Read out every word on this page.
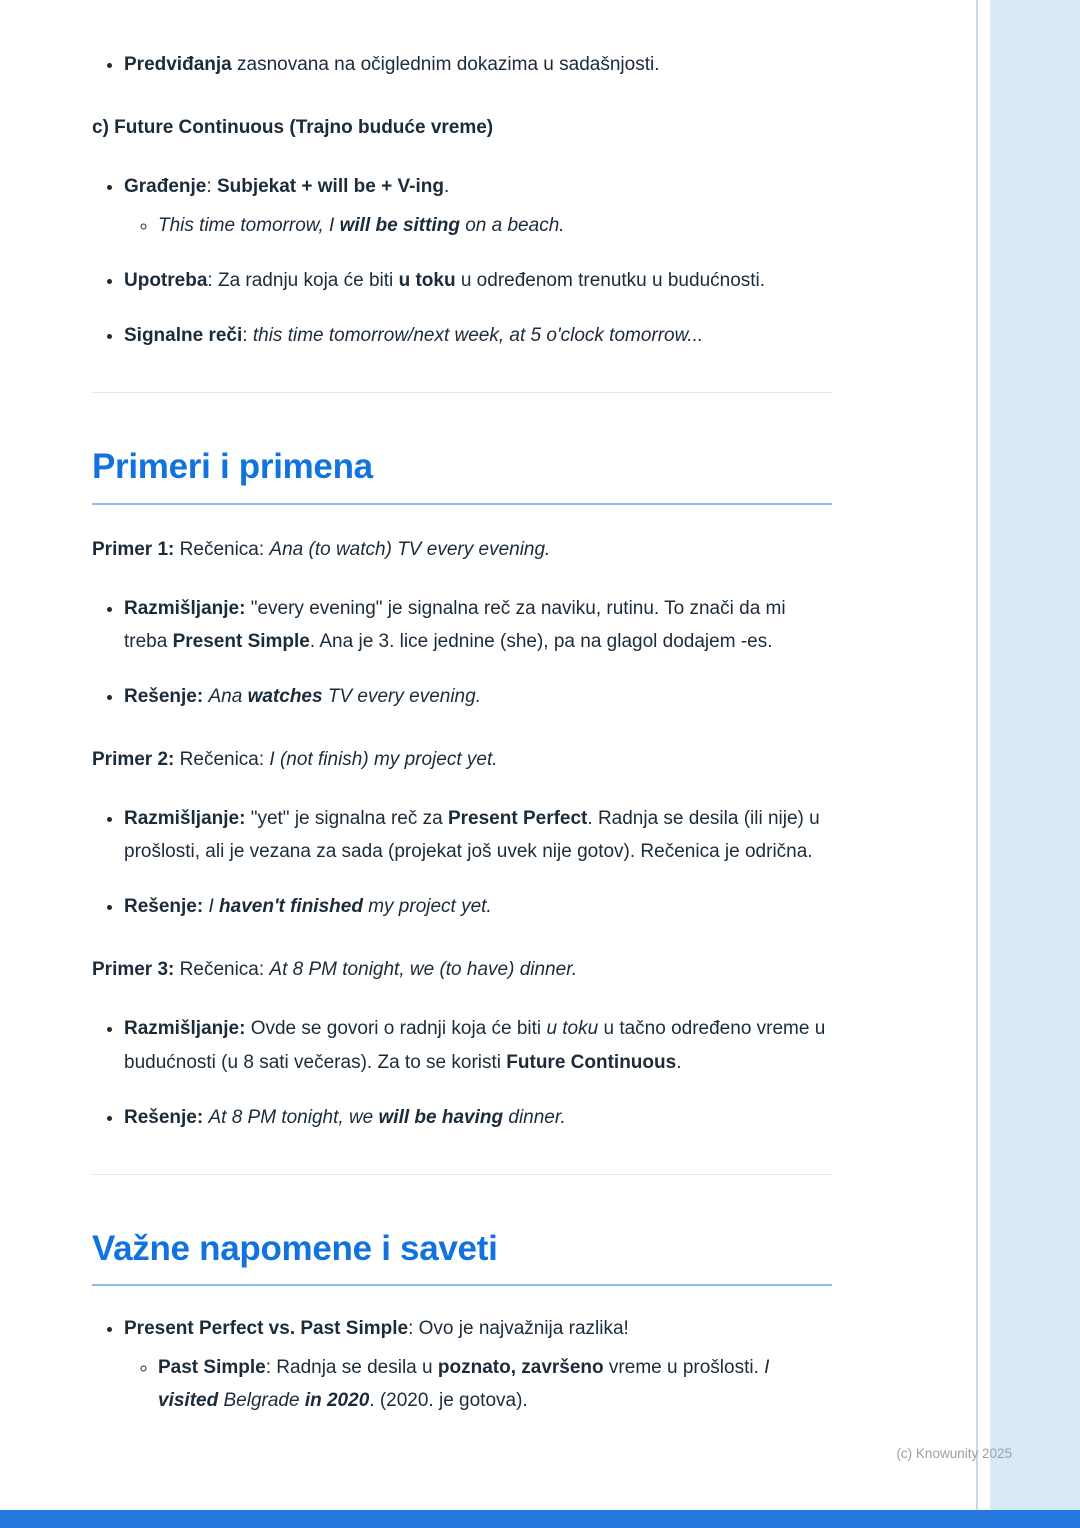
• Predviđanja zasnovana na očiglednim dokazima u sadašnjosti.

c) Future Continuous (Trajno buduće vreme)

• Građenje: Subjekat + will be + V-ing.
◦ This time tomorrow, I will be sitting on a beach.
• Upotreba: Za radnju koja će biti u toku u određenom trenutku u budućnosti.
• Signalne reči: this time tomorrow/next week, at 5 o'clock tomorrow...
Primeri i primena

Primer 1: Rečenica: Ana (to watch) TV every evening.

• Razmišljanje: "every evening" je signalna reč za naviku, rutinu. To znači da mi treba Present Simple. Ana je 3. lice jednine (she), pa na glagol dodajem -es.
• Rešenje: Ana watches TV every evening.

Primer 2: Rečenica: I (not finish) my project yet.

• Razmišljanje: "yet" je signalna reč za Present Perfect. Radnja se desila (ili nije) u prošlosti, ali je vezana za sada (projekat još uvek nije gotov). Rečenica je odrična.
• Rešenje: I haven't finished my project yet.

Primer 3: Rečenica: At 8 PM tonight, we (to have) dinner.

• Razmišljanje: Ovde se govori o radnji koja će biti u toku u tačno određeno vreme u budućnosti (u 8 sati večeras). Za to se koristi Future Continuous.
• Rešenje: At 8 PM tonight, we will be having dinner.
Važne napomene i saveti
• Present Perfect vs. Past Simple: Ovo je najvažnija razlika!
◦ Past Simple: Radnja se desila u poznato, završeno vreme u prošlosti. I visited Belgrade in 2020. (2020. je gotova).
(c) Knowunity 2025
